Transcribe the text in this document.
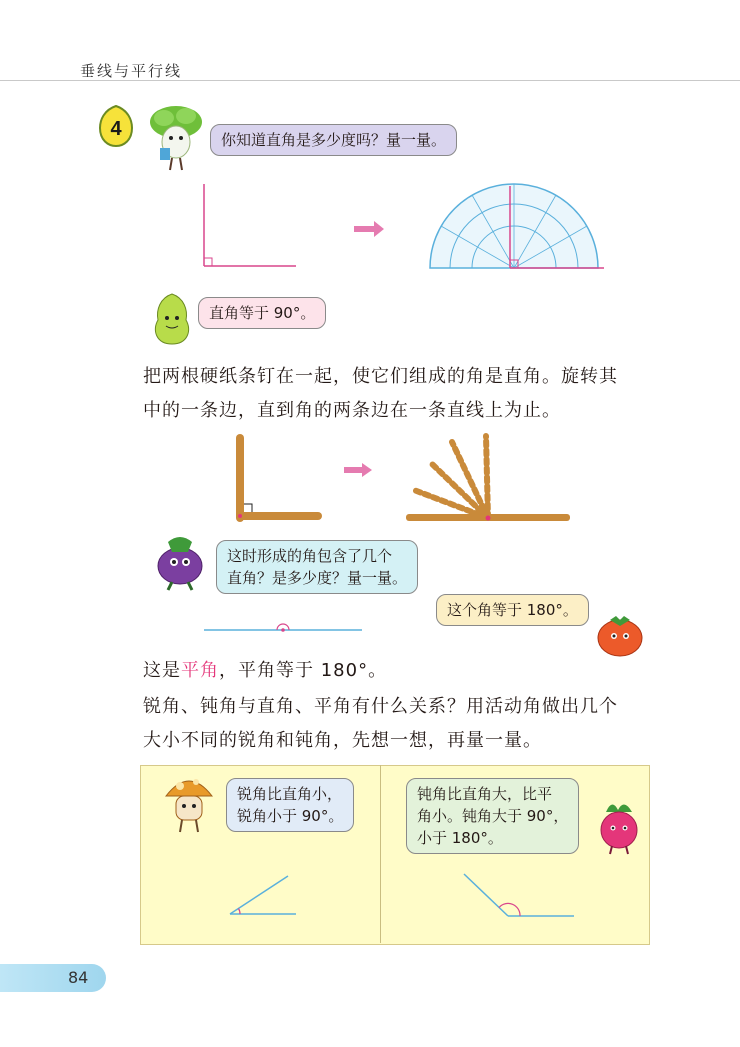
垂线与平行线
4	你知道直角是多少度吗？量一量。
直角等于 90°。
把两根硬纸条钉在一起，使它们组成的角是直角。旋转其
中的一条边，直到角的两条边在一条直线上为止。
这时形成的角包含了几个
直角？是多少度？量一量。
这个角等于 180°。
这是平角，平角等于 180°。
锐角、钝角与直角、平角有什么关系？用活动角做出几个
大小不同的锐角和钝角，先想一想，再量一量。
锐角比直角小，
锐角小于 90°。
钝角比直角大，比平
角小。钝角大于 90°，
小于 180°。
84
